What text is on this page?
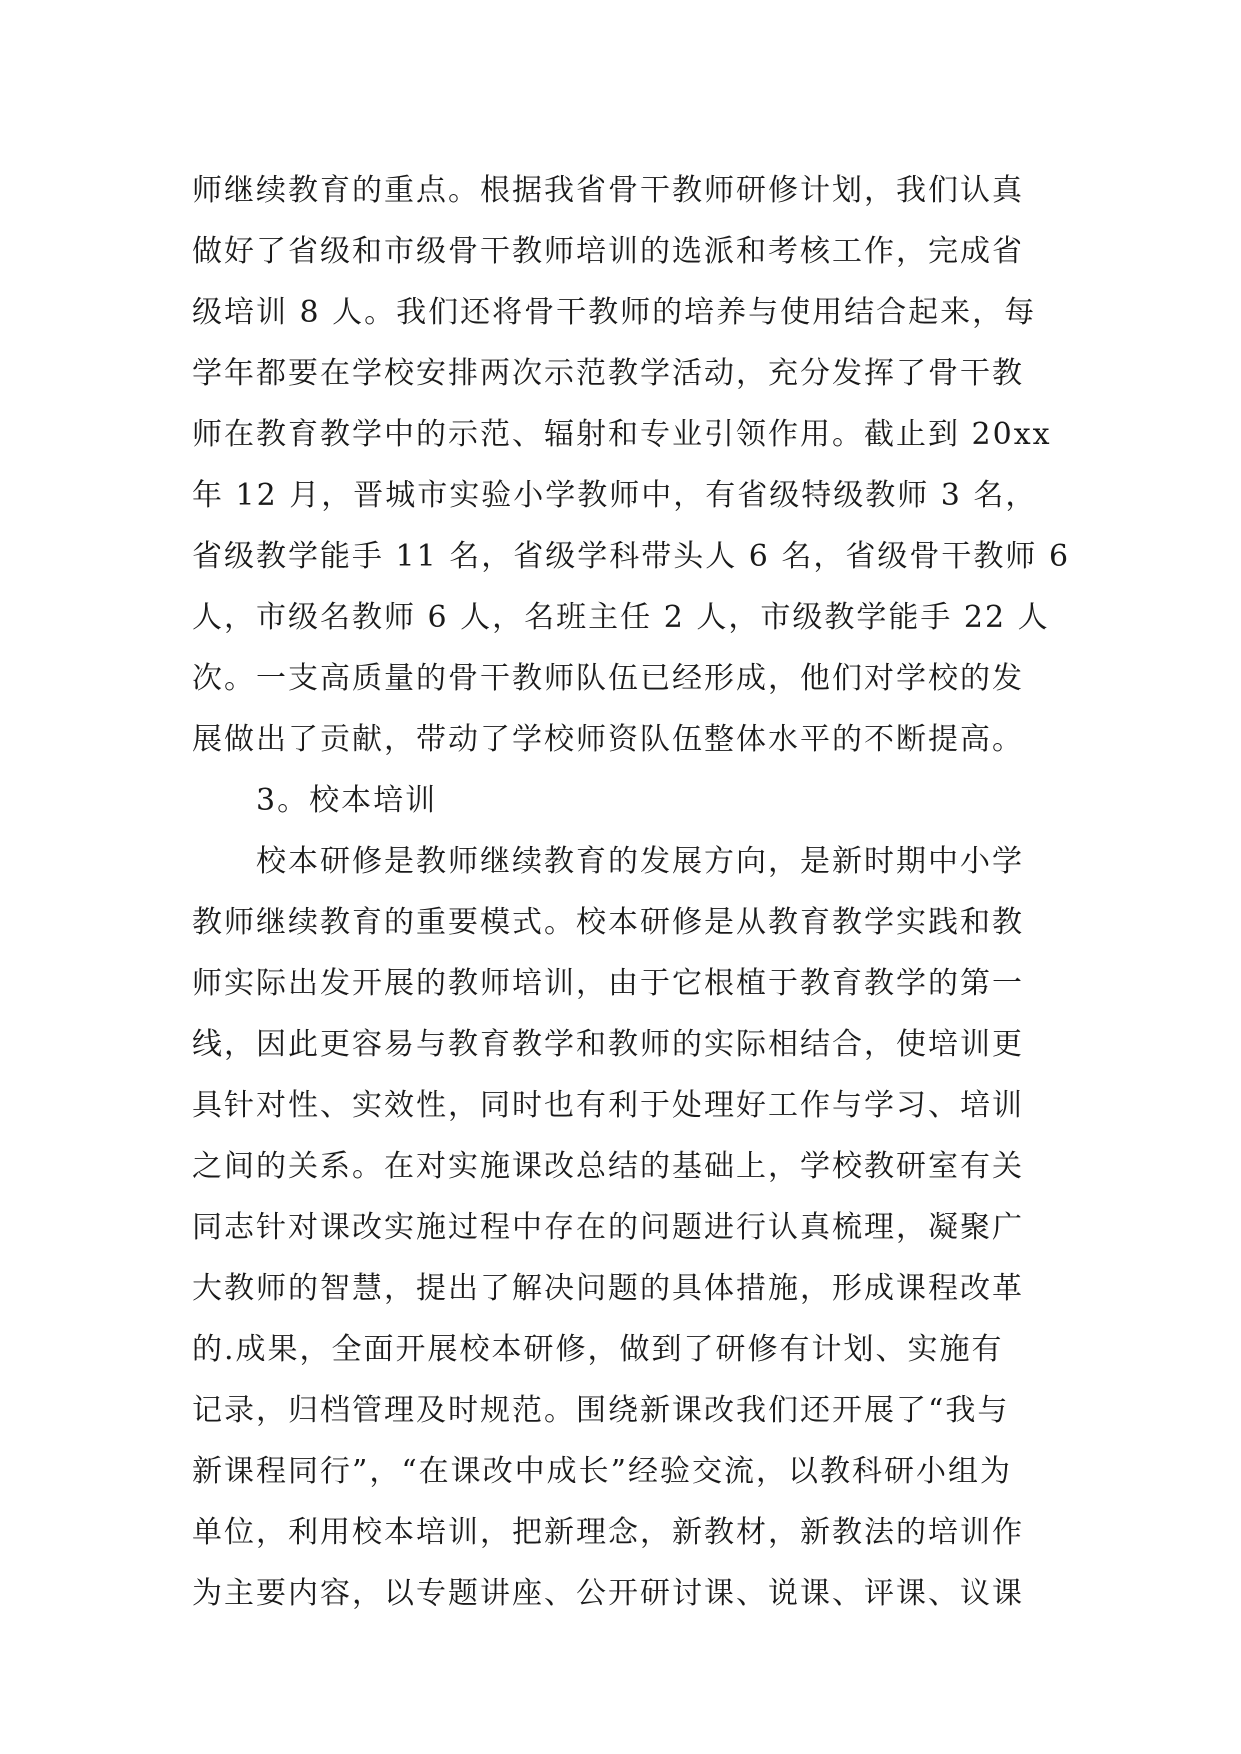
师继续教育的重点。根据我省骨干教师研修计划，我们认真
做好了省级和市级骨干教师培训的选派和考核工作，完成省
级培训 8 人。我们还将骨干教师的培养与使用结合起来，每
学年都要在学校安排两次示范教学活动，充分发挥了骨干教
师在教育教学中的示范、辐射和专业引领作用。截止到 20xx
年 12 月，晋城市实验小学教师中，有省级特级教师 3 名，
省级教学能手 11 名，省级学科带头人 6 名，省级骨干教师 6
人，市级名教师 6 人，名班主任 2 人，市级教学能手 22 人
次。一支高质量的骨干教师队伍已经形成，他们对学校的发
展做出了贡献，带动了学校师资队伍整体水平的不断提高。
3。校本培训
校本研修是教师继续教育的发展方向，是新时期中小学
教师继续教育的重要模式。校本研修是从教育教学实践和教
师实际出发开展的教师培训，由于它根植于教育教学的第一
线，因此更容易与教育教学和教师的实际相结合，使培训更
具针对性、实效性，同时也有利于处理好工作与学习、培训
之间的关系。在对实施课改总结的基础上，学校教研室有关
同志针对课改实施过程中存在的问题进行认真梳理，凝聚广
大教师的智慧，提出了解决问题的具体措施，形成课程改革
的.成果，全面开展校本研修，做到了研修有计划、实施有
记录，归档管理及时规范。围绕新课改我们还开展了“我与
新课程同行”，“在课改中成长”经验交流，以教科研小组为
单位，利用校本培训，把新理念，新教材，新教法的培训作
为主要内容，以专题讲座、公开研讨课、说课、评课、议课
